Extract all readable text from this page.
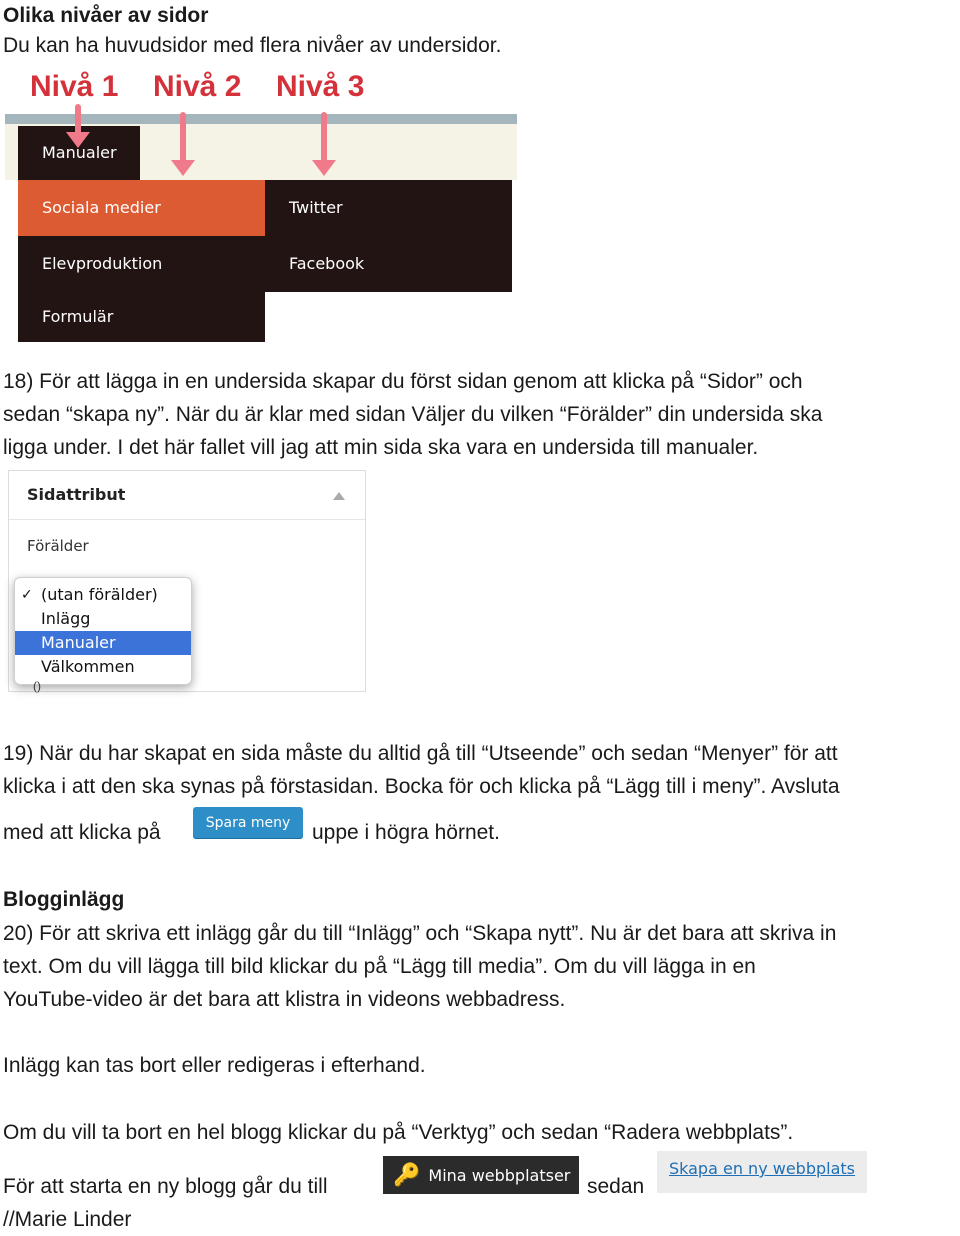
Olika nivåer av sidor

Du kan ha huvudsidor med flera nivåer av undersidor.

Nivå 1 Nivå 2 Nivå 3
Manualer
Sociala medier
Elevproduktion
Formulär
Twitter
Facebook

18) För att lägga in en undersida skapar du först sidan genom att klicka på “Sidor” och

sedan “skapa ny”. När du är klar med sidan Väljer du vilken “Förälder” din undersida ska

ligga under. I det här fallet vill jag att min sida ska vara en undersida till manualer.

Sidattribut
Förälder
✓ (utan förälder)
Inlägg
Manualer
Välkommen
()

19) När du har skapat en sida måste du alltid gå till “Utseende” och sedan “Menyer” för att

klicka i att den ska synas på förstasidan. Bocka för och klicka på “Lägg till i meny”. Avsluta

med att klicka på	Spara meny	uppe i högra hörnet.

Blogginlägg

20) För att skriva ett inlägg går du till “Inlägg” och “Skapa nytt”. Nu är det bara att skriva in

text. Om du vill lägga till bild klickar du på “Lägg till media”. Om du vill lägga in en

YouTube-video är det bara att klistra in videons webbadress.

Inlägg kan tas bort eller redigeras i efterhand.

Om du vill ta bort en hel blogg klickar du på “Verktyg” och sedan “Radera webbplats”.

För att starta en ny blogg går du till	🔑 Mina webbplatser sedan

Skapa en ny webbplats

//Marie Linder
